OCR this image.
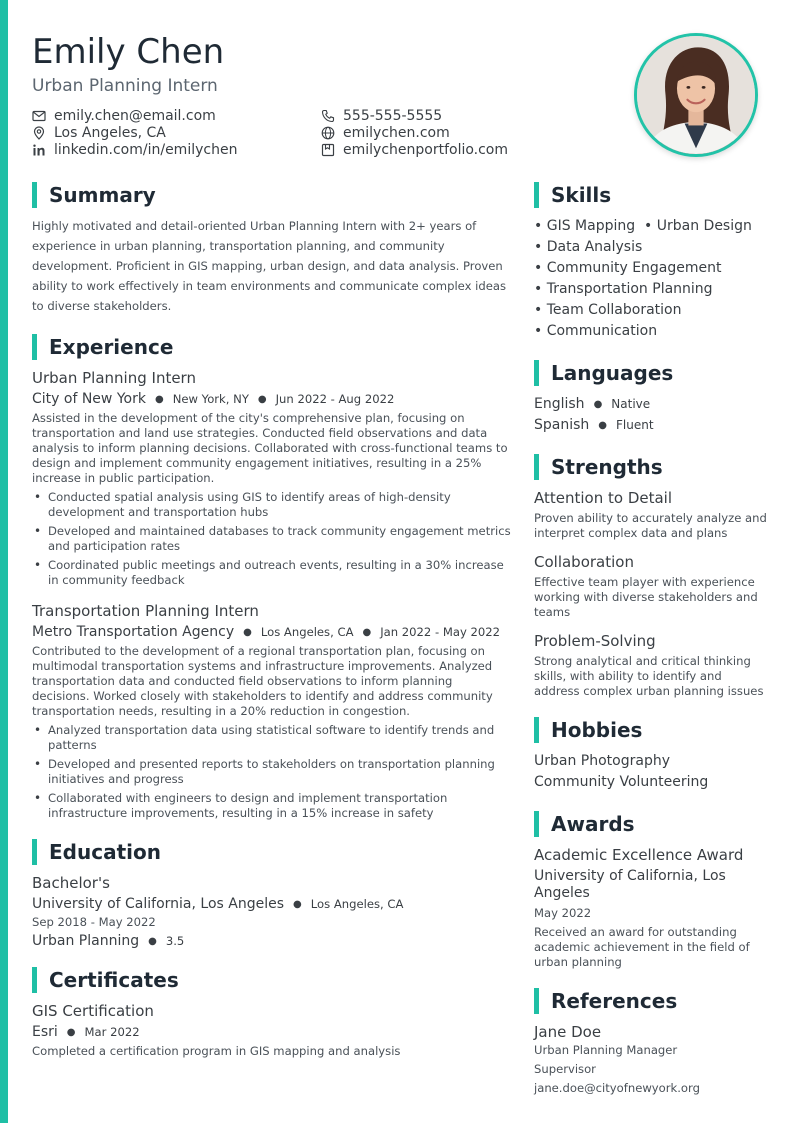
Emily Chen
Urban Planning Intern
emily.chen@email.com	555-555-5555
Los Angeles, CA	emilychen.com
linkedin.com/in/emilychen	emilychenportfolio.com
Summary
Highly motivated and detail-oriented Urban Planning Intern with 2+ years of experience in urban planning, transportation planning, and community development. Proficient in GIS mapping, urban design, and data analysis. Proven ability to work effectively in team environments and communicate complex ideas to diverse stakeholders.
Experience
Urban Planning Intern
City of New York ● New York, NY ● Jun 2022 - Aug 2022
Assisted in the development of the city's comprehensive plan, focusing on transportation and land use strategies. Conducted field observations and data analysis to inform planning decisions. Collaborated with cross-functional teams to design and implement community engagement initiatives, resulting in a 25% increase in public participation.
• Conducted spatial analysis using GIS to identify areas of high-density development and transportation hubs
• Developed and maintained databases to track community engagement metrics and participation rates
• Coordinated public meetings and outreach events, resulting in a 30% increase in community feedback
Transportation Planning Intern
Metro Transportation Agency ● Los Angeles, CA ● Jan 2022 - May 2022
Contributed to the development of a regional transportation plan, focusing on multimodal transportation systems and infrastructure improvements. Analyzed transportation data and conducted field observations to inform planning decisions. Worked closely with stakeholders to identify and address community transportation needs, resulting in a 20% reduction in congestion.
• Analyzed transportation data using statistical software to identify trends and patterns
• Developed and presented reports to stakeholders on transportation planning initiatives and progress
• Collaborated with engineers to design and implement transportation infrastructure improvements, resulting in a 15% increase in safety
Education
Bachelor's
University of California, Los Angeles ● Los Angeles, CA
Sep 2018 - May 2022
Urban Planning ● 3.5
Certificates
GIS Certification
Esri ● Mar 2022
Completed a certification program in GIS mapping and analysis
Skills
• GIS Mapping • Urban Design
• Data Analysis
• Community Engagement
• Transportation Planning
• Team Collaboration
• Communication
Languages
English ● Native
Spanish ● Fluent
Strengths
Attention to Detail
Proven ability to accurately analyze and interpret complex data and plans
Collaboration
Effective team player with experience working with diverse stakeholders and teams
Problem-Solving
Strong analytical and critical thinking skills, with ability to identify and address complex urban planning issues
Hobbies
Urban Photography
Community Volunteering
Awards
Academic Excellence Award
University of California, Los Angeles
May 2022
Received an award for outstanding academic achievement in the field of urban planning
References
Jane Doe
Urban Planning Manager
Supervisor
jane.doe@cityofnewyork.org
